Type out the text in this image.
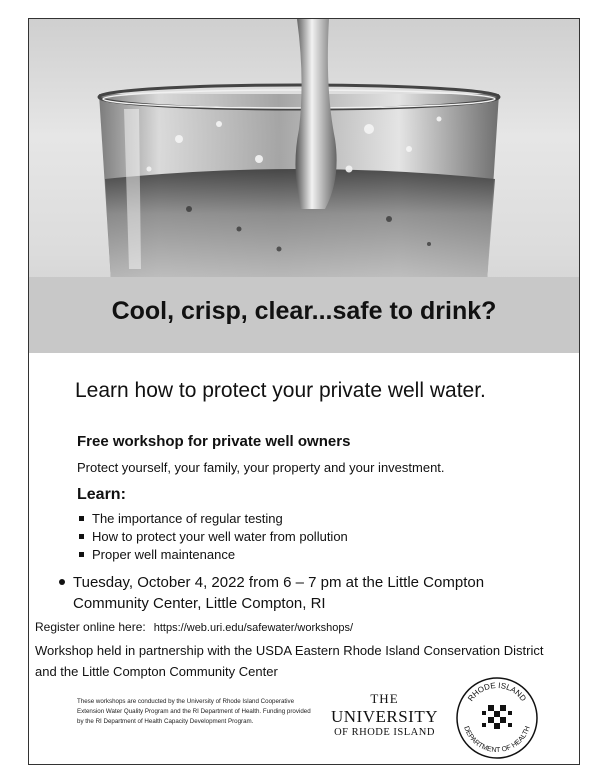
Cool, crisp, clear...safe to drink?
Learn how to protect your private well water.
Free workshop for private well owners
Protect yourself, your family, your property and your investment.
Learn:
The importance of regular testing
How to protect your well water from pollution
Proper well maintenance
Tuesday, October 4, 2022 from 6 – 7 pm at the Little Compton Community Center, Little Compton, RI
Register online here: https://web.uri.edu/safewater/workshops/
Workshop held in partnership with the USDA Eastern Rhode Island Conservation District and the Little Compton Community Center
These workshops are conducted by the University of Rhode Island Cooperative Extension Water Quality Program and the RI Department of Health. Funding provided by the RI Department of Health Capacity Development Program.
THE
UNIVERSITY
OF RHODE ISLAND
RHODE ISLAND
DEPARTMENT OF HEALTH
